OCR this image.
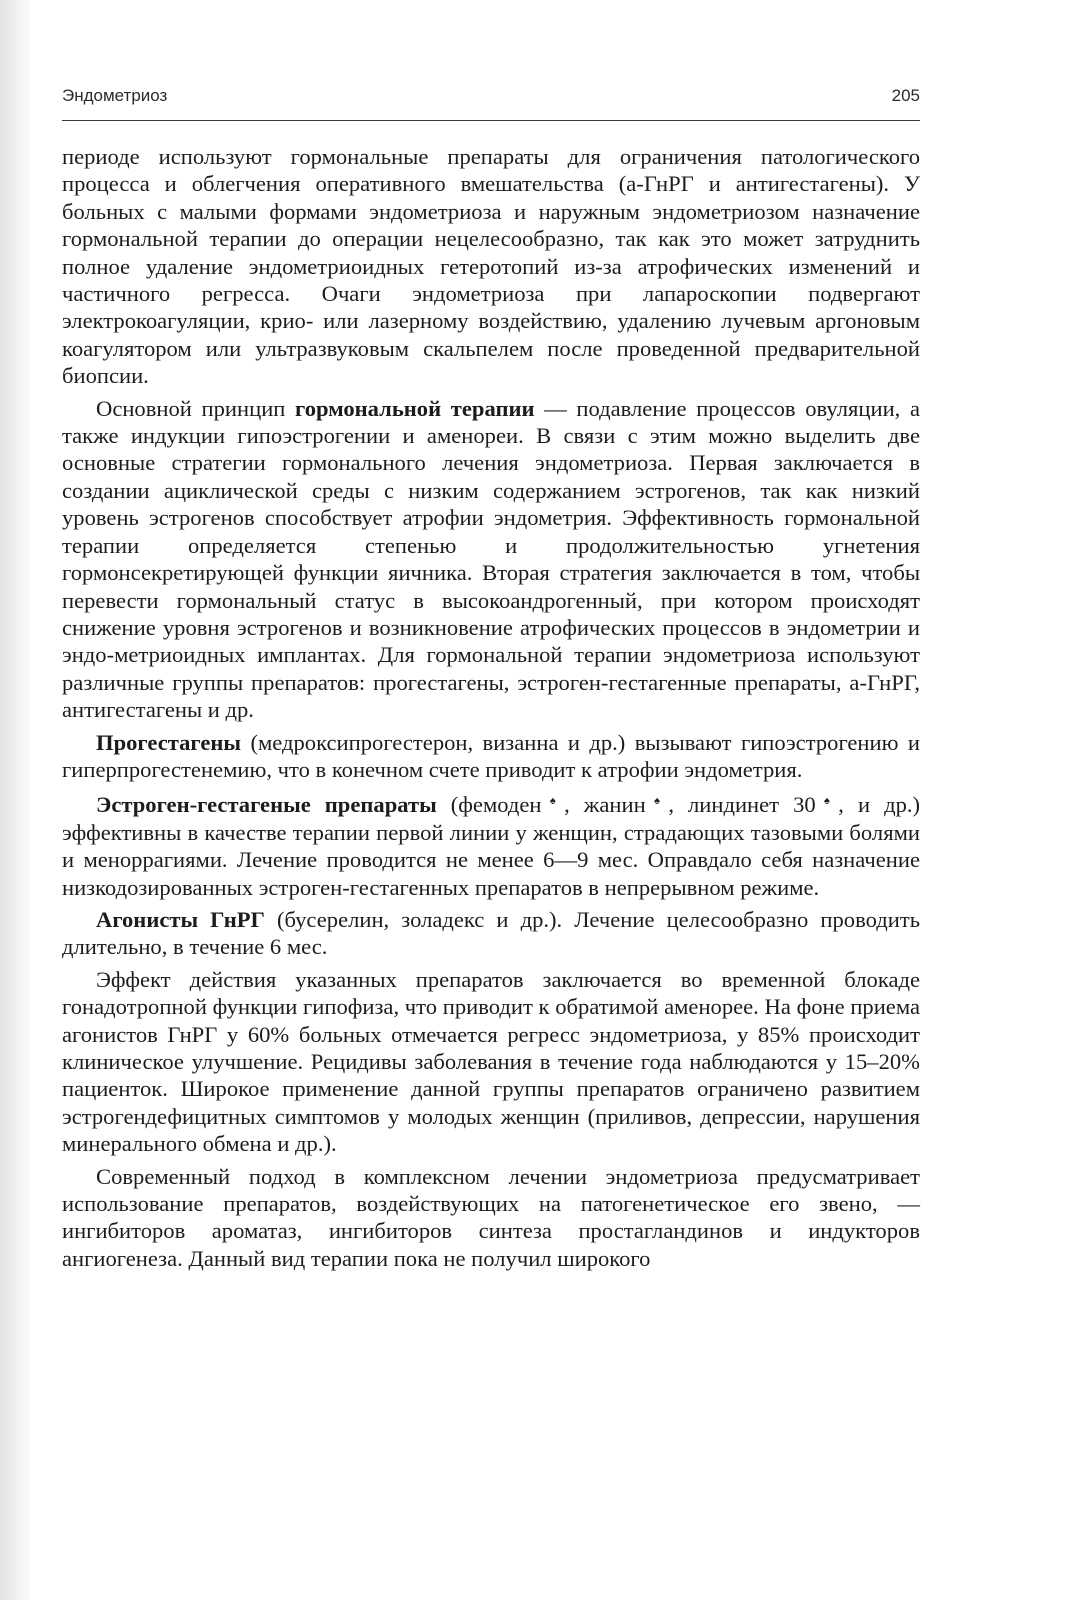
Эндометриоз	205

периоде используют гормональные препараты для ограничения патологического процесса и облегчения оперативного вмешательства (а-ГнРГ и антигестагены). У больных с малыми формами эндометриоза и наружным эндометриозом назначение гормональной терапии до операции нецелесообразно, так как это может затруднить полное удаление эндометриоидных гетеротопий из-за атрофических изменений и частичного регресса. Очаги эндометриоза при лапароскопии подвергают электрокоагуляции, крио- или лазерному воздействию, удалению лучевым аргоновым коагулятором или ультразвуковым скальпелем после проведенной предварительной биопсии.

Основной принцип гормональной терапии — подавление процессов овуляции, а также индукции гипоэстрогении и аменореи. В связи с этим можно выделить две основные стратегии гормонального лечения эндометриоза. Первая заключается в создании ациклической среды с низким содержанием эстрогенов, так как низкий уровень эстрогенов способствует атрофии эндометрия. Эффективность гормональной терапии определяется степенью и продолжительностью угнетения гормонсекретирующей функции яичника. Вторая стратегия заключается в том, чтобы перевести гормональный статус в высокоандрогенный, при котором происходят снижение уровня эстрогенов и возникновение атрофических процессов в эндометрии и эндо-метриоидных имплантах. Для гормональной терапии эндометриоза используют различные группы препаратов: прогестагены, эстроген-гестагенные препараты, а-ГнРГ, антигестагены и др.

Прогестагены (медроксипрогестерон, визанна и др.) вызывают гипоэстрогению и гиперпрогестенемию, что в конечном счете приводит к атрофии эндометрия.

Эстроген-гестагеные препараты (фемоден♠, жанин♠, линдинет 30♠, и др.) эффективны в качестве терапии первой линии у женщин, страдающих тазовыми болями и меноррагиями. Лечение проводится не менее 6—9 мес. Оправдало себя назначение низкодозированных эстроген-гестагенных препаратов в непрерывном режиме.

Агонисты ГнРГ (бусерелин, золадекс и др.). Лечение целесообразно проводить длительно, в течение 6 мес.

Эффект действия указанных препаратов заключается во временной блокаде гонадотропной функции гипофиза, что приводит к обратимой аменорее. На фоне приема агонистов ГнРГ у 60% больных отмечается регресс эндометриоза, у 85% происходит клиническое улучшение. Рецидивы заболевания в течение года наблюдаются у 15–20% пациенток. Широкое применение данной группы препаратов ограничено развитием эстрогендефицитных симптомов у молодых женщин (приливов, депрессии, нарушения минерального обмена и др.).

Современный подход в комплексном лечении эндометриоза предусматривает использование препаратов, воздействующих на патогенетическое его звено, — ингибиторов ароматаз, ингибиторов синтеза простагландинов и индукторов ангиогенеза. Данный вид терапии пока не получил широкого
